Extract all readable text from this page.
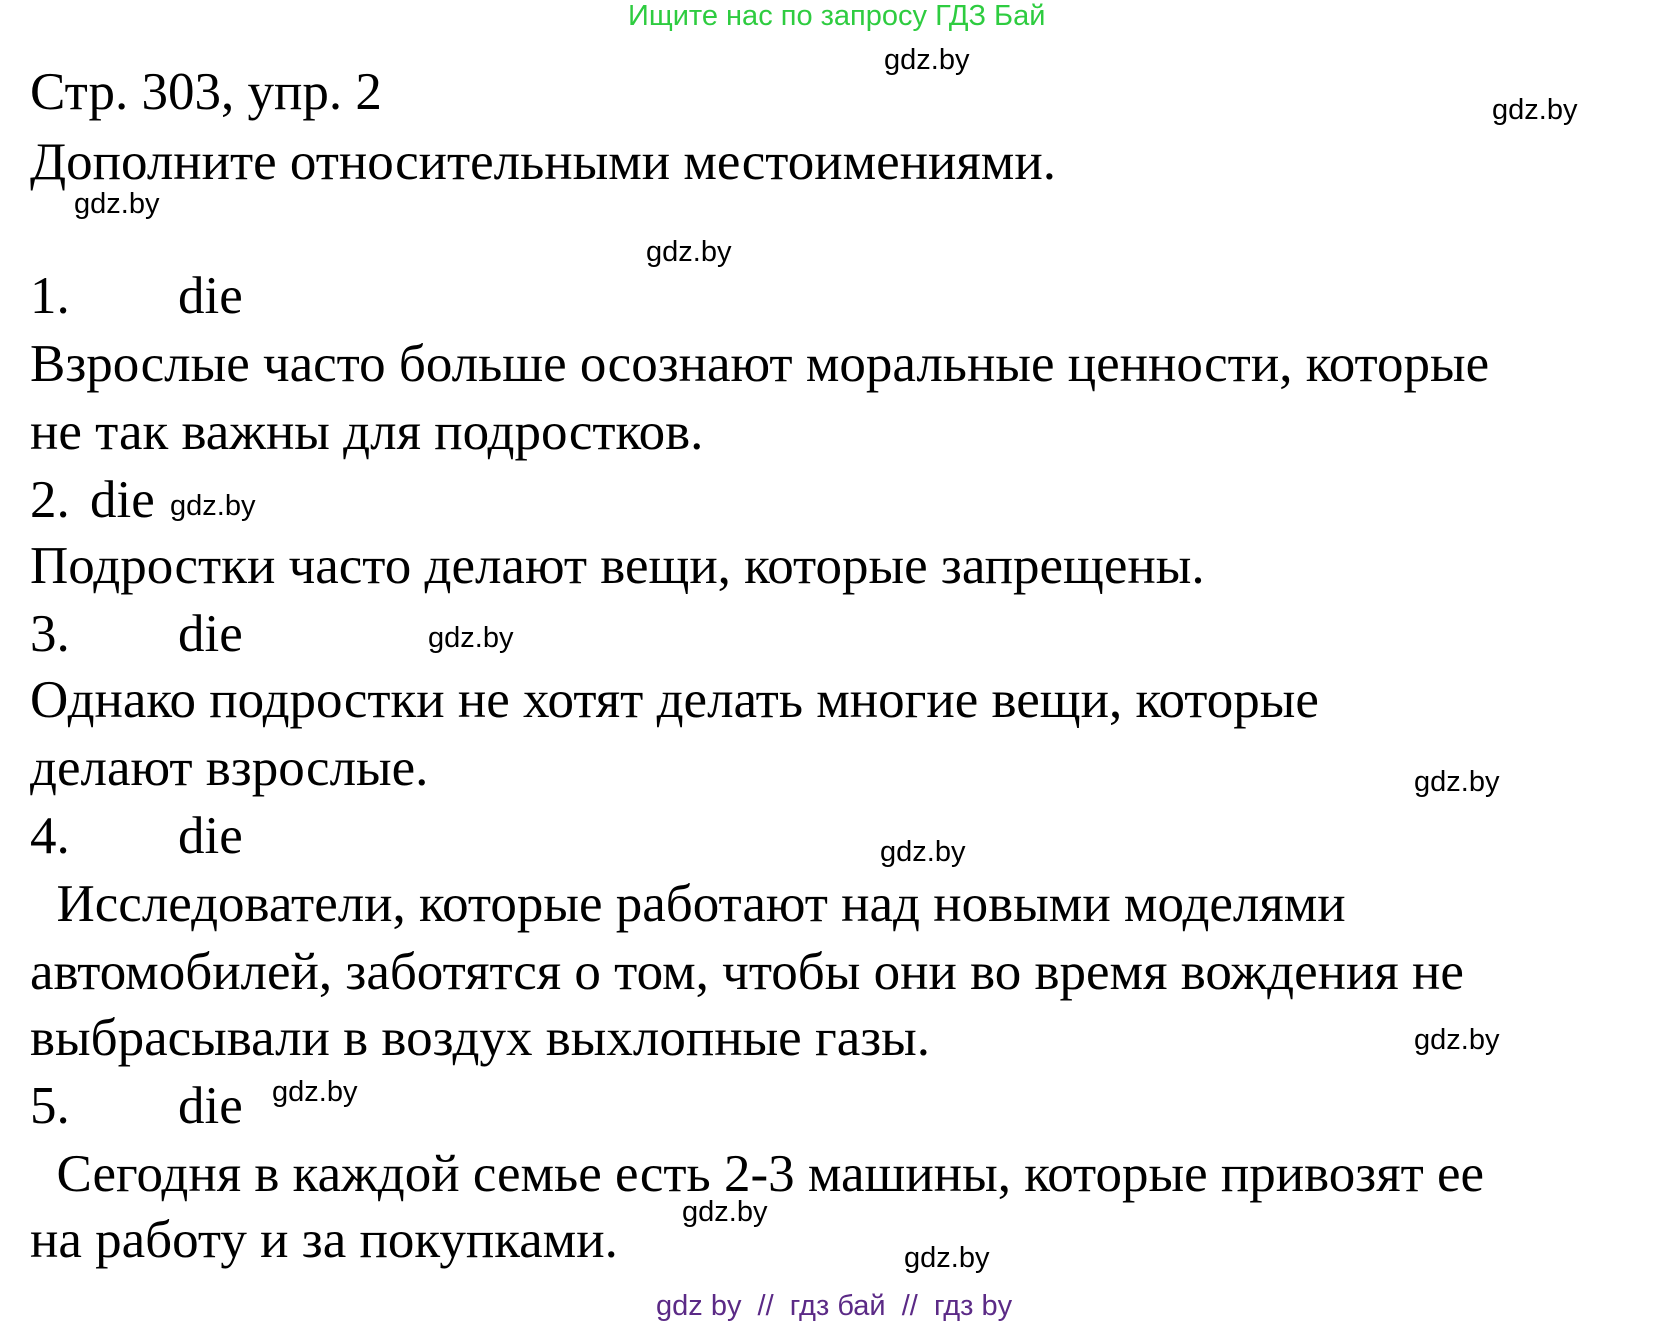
Ищите нас по запросу ГДЗ Бай
Стр. 303, упр. 2
Дополните относительными местоимениями.
1. die
Взрослые часто больше осознают моральные ценности, которые
не так важны для подростков.
2. die
Подростки часто делают вещи, которые запрещены.
3. die
Однако подростки не хотят делать многие вещи, которые
делают взрослые.
4. die
Исследователи, которые работают над новыми моделями
автомобилей, заботятся о том, чтобы они во время вождения не
выбрасывали в воздух выхлопные газы.
5. die
Сегодня в каждой семье есть 2-3 машины, которые привозят ее
на работу и за покупками.
gdz.by
gdz.by
gdz.by
gdz.by
gdz.by
gdz.by
gdz.by
gdz.by
gdz.by
gdz.by
gdz.by
gdz.by
gdz by  //  гдз бай  //  гдз by
